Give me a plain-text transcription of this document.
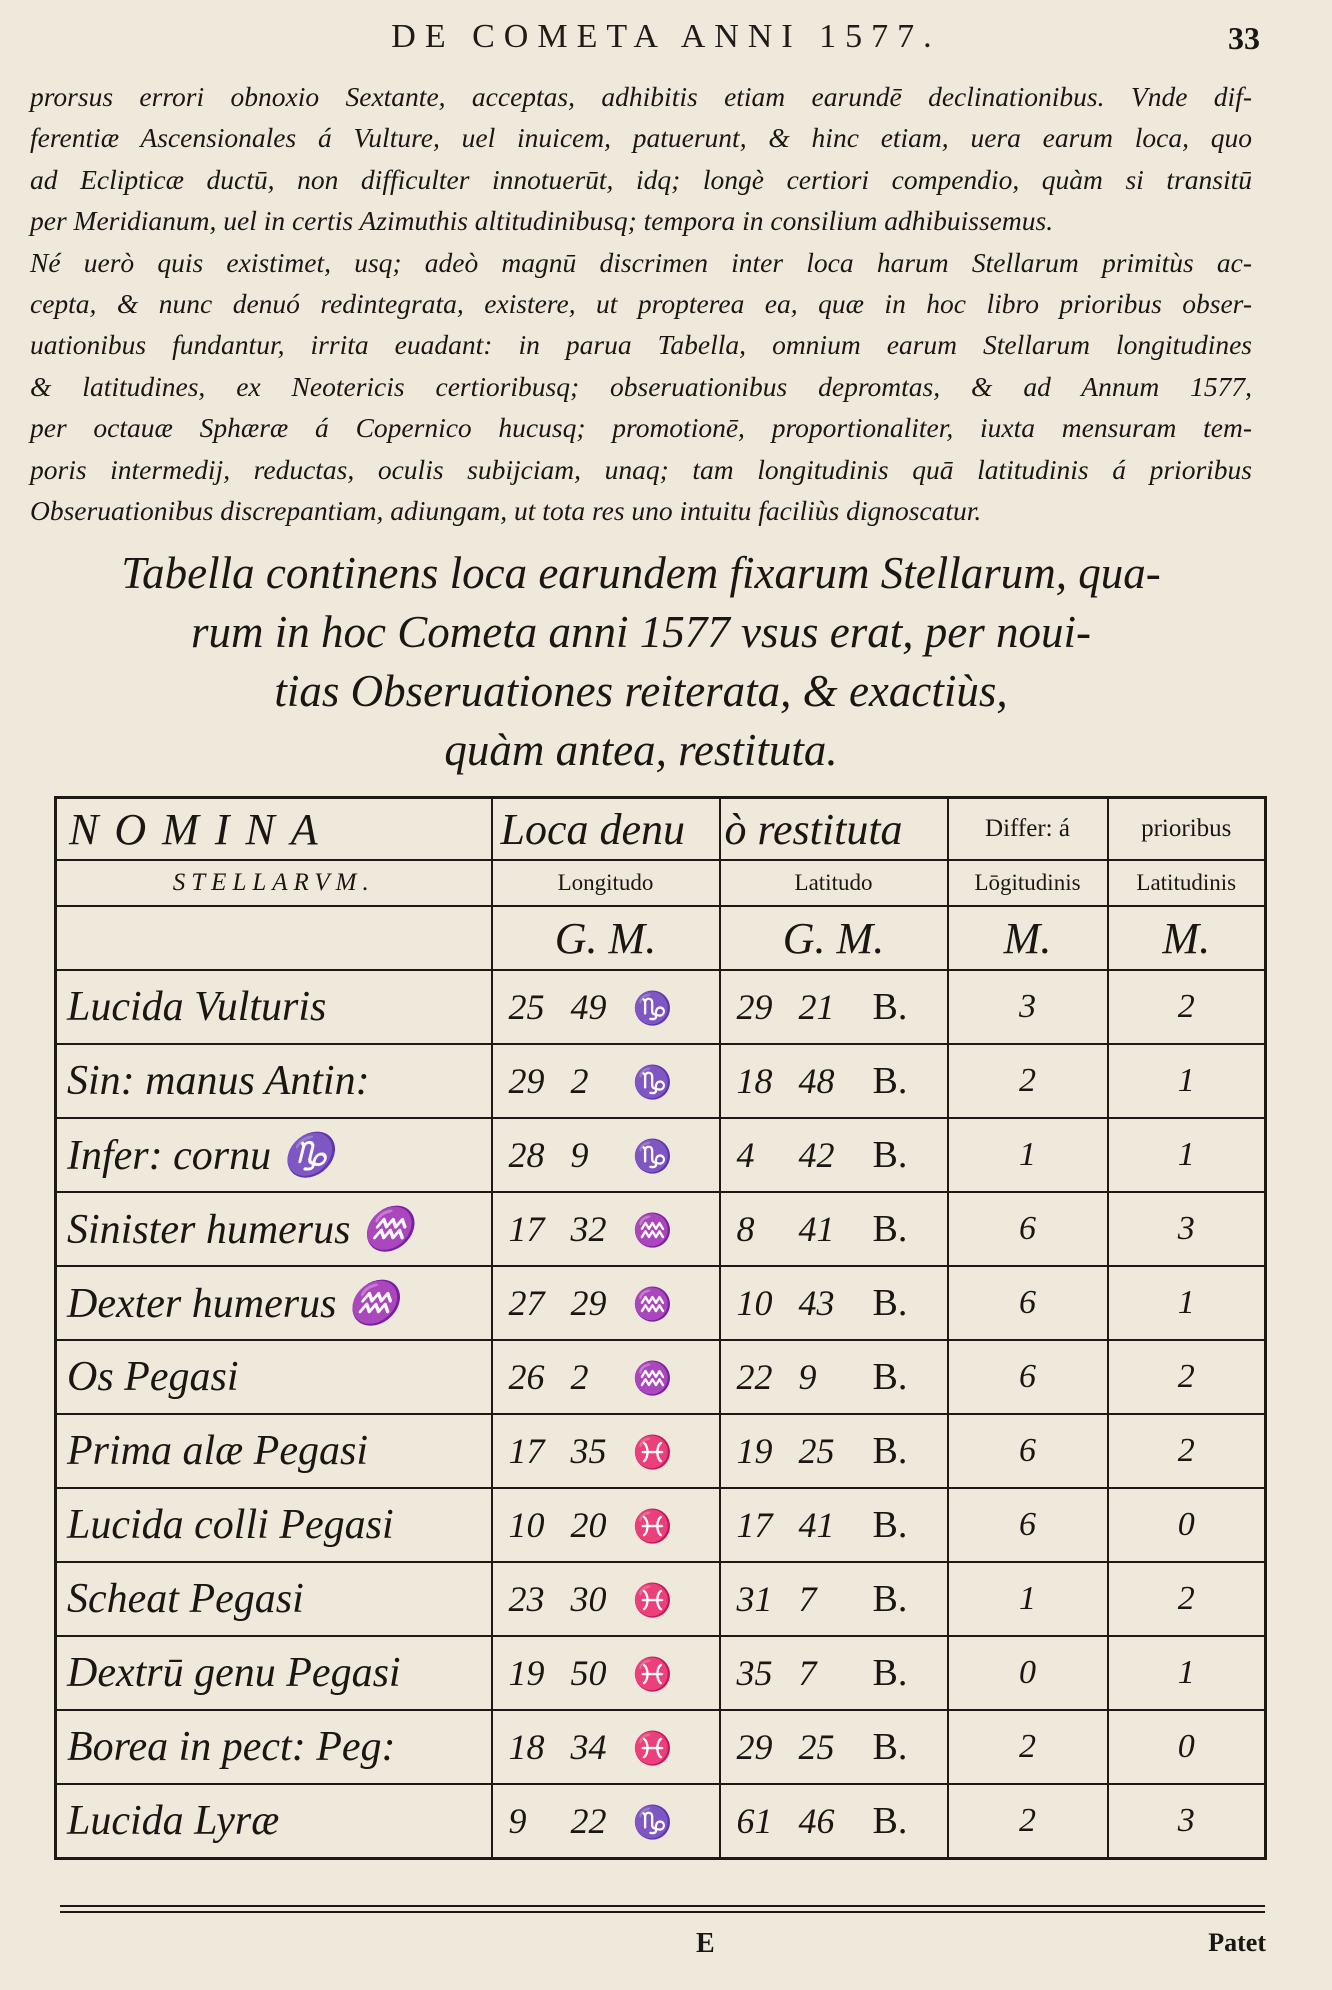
DE COMETA ANNI 1577.	33
prorsus errori obnoxio Sextante, acceptas, adhibitis etiam earundē declinationibus. Vnde dif-
ferentiæ Ascensionales á Vulture, uel inuicem, patuerunt, & hinc etiam, uera earum loca, quo
ad Eclipticæ ductū, non difficulter innotuerūt, idq; longè certiori compendio, quàm si transitū
per Meridianum, uel in certis Azimuthis altitudinibusq; tempora in consilium adhibuissemus.
Né uerò quis existimet, usq; adeò magnū discrimen inter loca harum Stellarum primitùs ac-
cepta, & nunc denuó redintegrata, existere, ut propterea ea, quæ in hoc libro prioribus obser-
uationibus fundantur, irrita euadant: in parua Tabella, omnium earum Stellarum longitudines
& latitudines, ex Neotericis certioribusq; obseruationibus depromtas, & ad Annum 1577,
per octauæ Sphæræ á Copernico hucusq; promotionē, proportionaliter, iuxta mensuram tem-
poris intermedij, reductas, oculis subijciam, unaq; tam longitudinis quā latitudinis á prioribus
Obseruationibus discrepantiam, adiungam, ut tota res uno intuitu faciliùs dignoscatur.
Tabella continens loca earundem fixarum Stellarum, qua-
rum in hoc Cometa anni 1577 vsus erat, per noui-
tias Obseruationes reiterata, & exactiùs,
quàm antea, restituta.
NOMINA	Loca denu	ò restituta	Differ: á	prioribus
STELLARVM.	Longitudo	Latitudo	Lōgitudinis	Latitudinis
	G. M.	G. M.	M.	M.
Lucida Vulturis	25 49 ♑	29 21 B.	3	2
Sin: manus Antin:	29 2 ♑	18 48 B.	2	1
Infer: cornu ♑	28 9 ♑	4 42 B.	1	1
Sinister humerus ♒	17 32 ♒	8 41 B.	6	3
Dexter humerus ♒	27 29 ♒	10 43 B.	6	1
Os Pegasi	26 2 ♒	22 9 B.	6	2
Prima alæ Pegasi	17 35 ♓	19 25 B.	6	2
Lucida colli Pegasi	10 20 ♓	17 41 B.	6	0
Scheat Pegasi	23 30 ♓	31 7 B.	1	2
Dextrū genu Pegasi	19 50 ♓	35 7 B.	0	1
Borea in pect: Peg:	18 34 ♓	29 25 B.	2	0
Lucida Lyræ	9 22 ♑	61 46 B.	2	3
E	Patet
